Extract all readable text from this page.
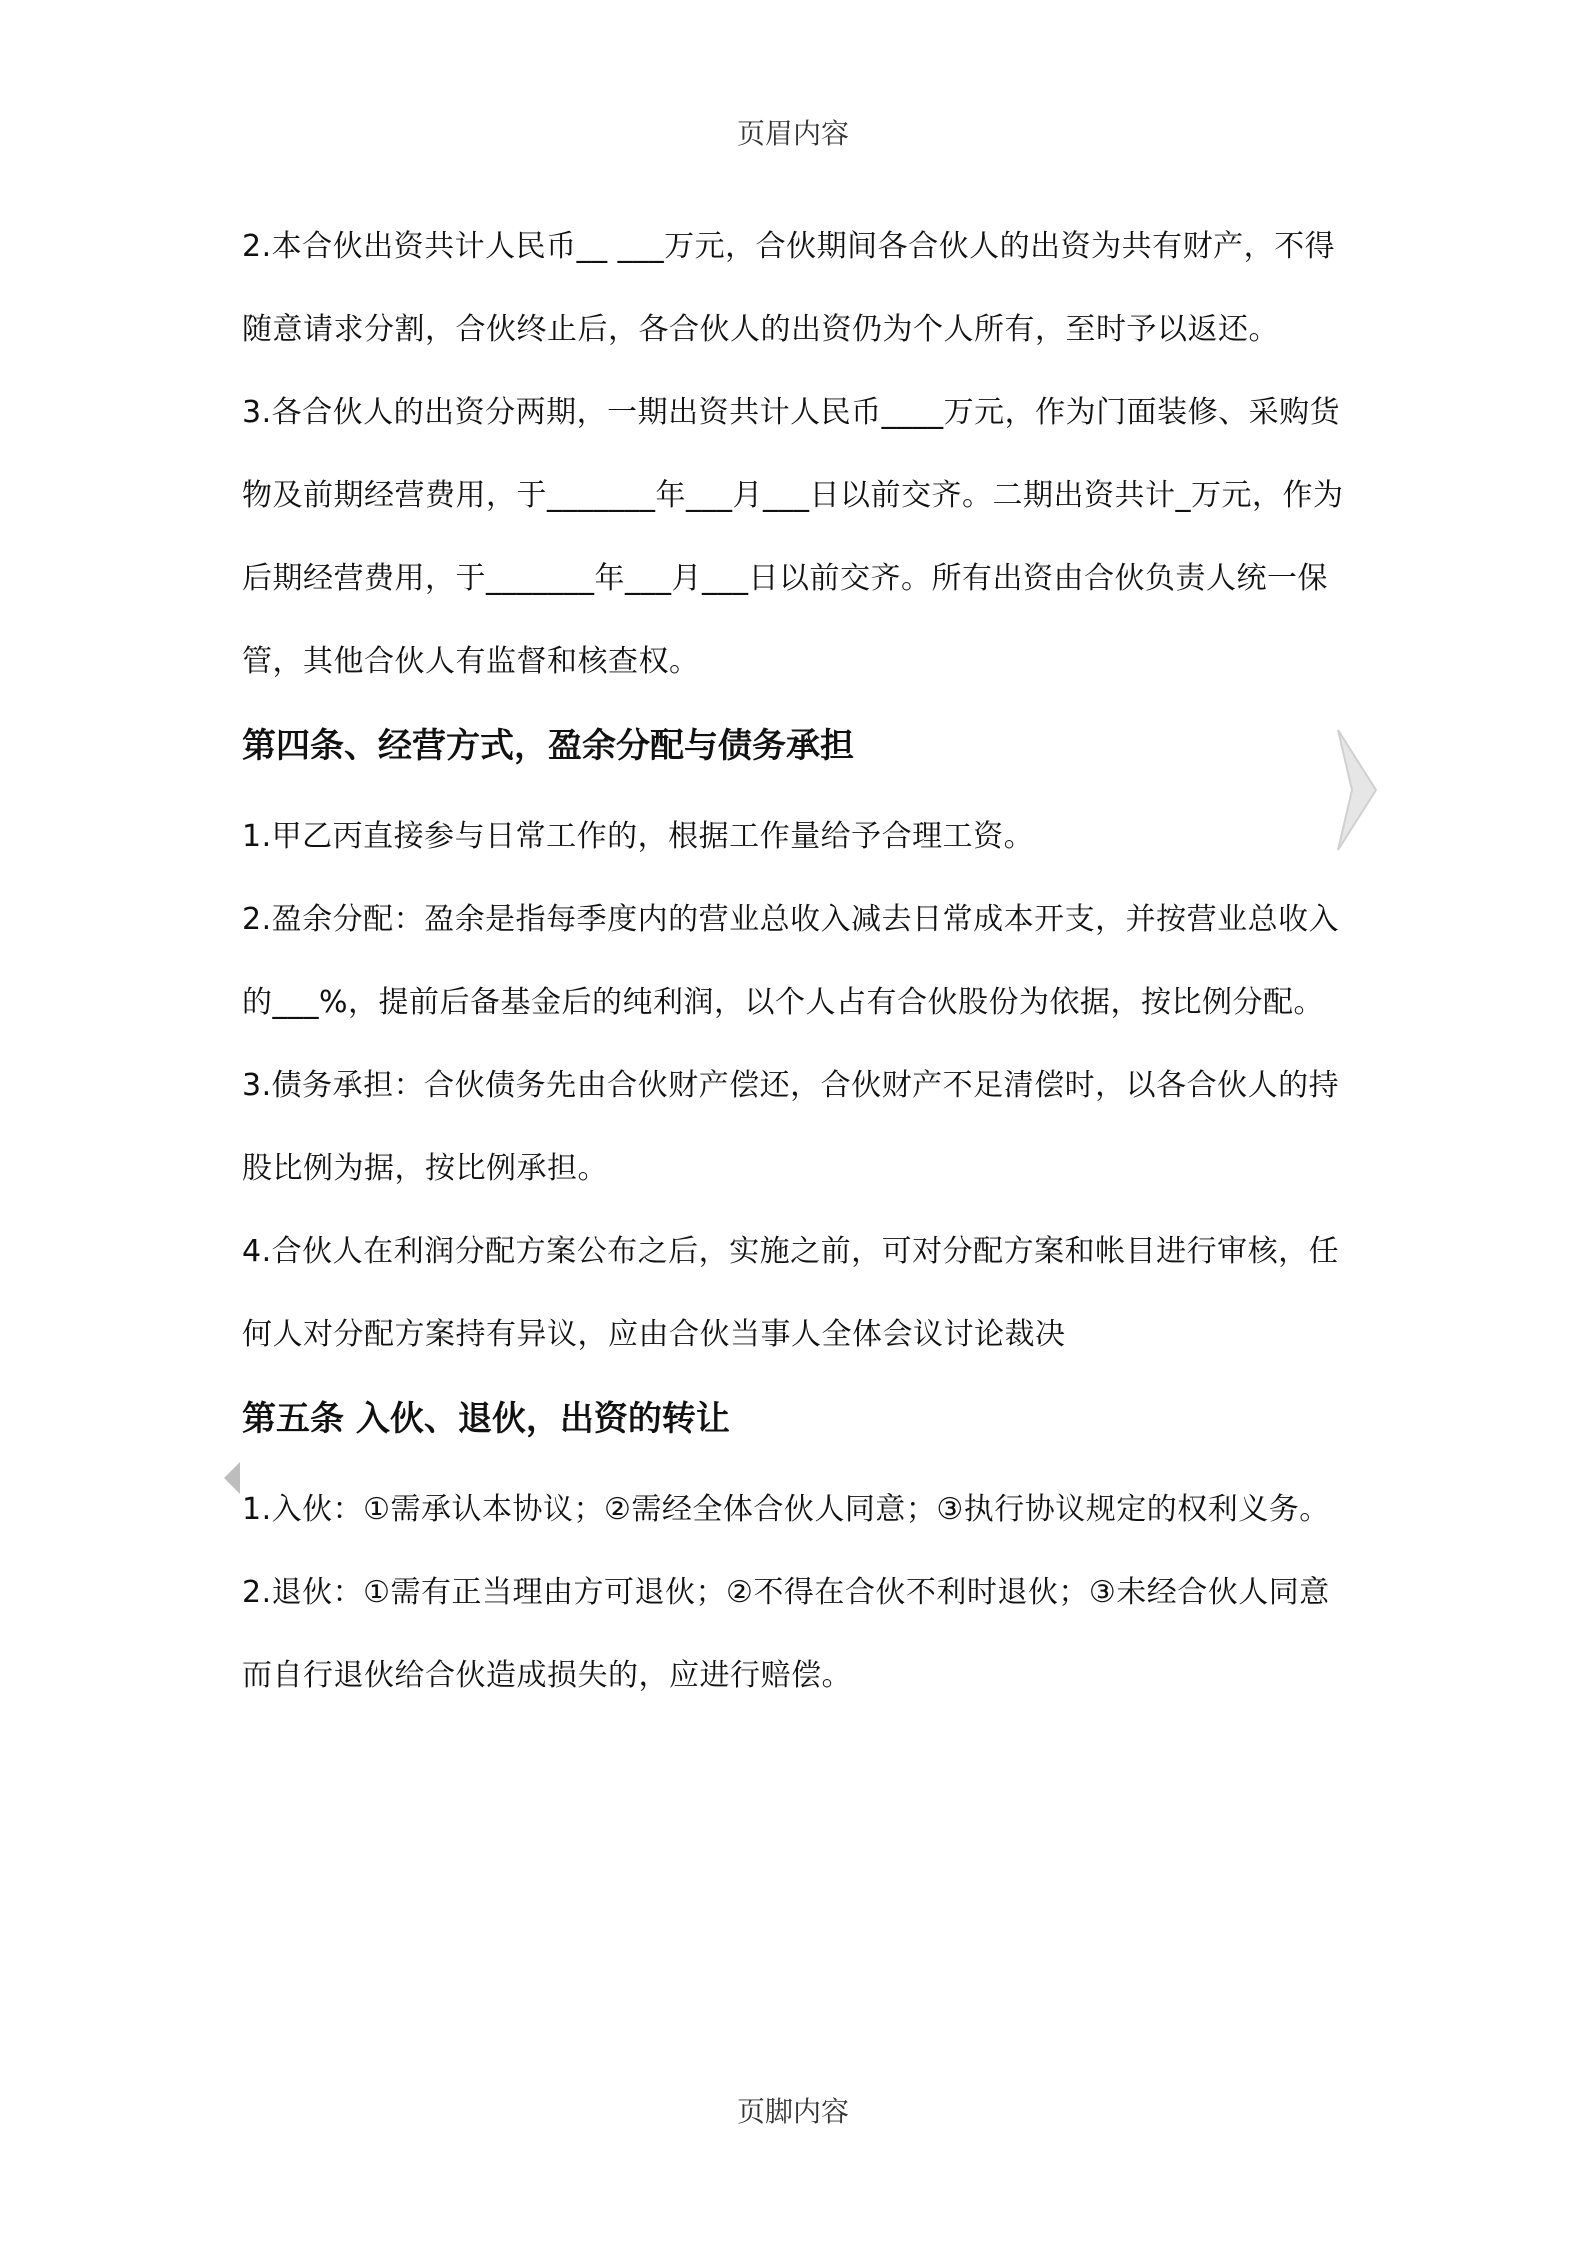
页眉内容

2.本合伙出资共计人民币__ ___万元，合伙期间各合伙人的出资为共有财产，不得随意请求分割，合伙终止后，各合伙人的出资仍为个人所有，至时予以返还。

3.各合伙人的出资分两期，一期出资共计人民币____万元，作为门面装修、采购货物及前期经营费用，于_______年___月___日以前交齐。二期出资共计_万元，作为后期经营费用，于_______年___月___日以前交齐。所有出资由合伙负责人统一保管，其他合伙人有监督和核查权。

第四条、经营方式，盈余分配与债务承担

1.甲乙丙直接参与日常工作的，根据工作量给予合理工资。

2.盈余分配：盈余是指每季度内的营业总收入减去日常成本开支，并按营业总收入的___%，提前后备基金后的纯利润，以个人占有合伙股份为依据，按比例分配。

3.债务承担：合伙债务先由合伙财产偿还，合伙财产不足清偿时，以各合伙人的持股比例为据，按比例承担。

4.合伙人在利润分配方案公布之后，实施之前，可对分配方案和帐目进行审核，任何人对分配方案持有异议，应由合伙当事人全体会议讨论裁决

第五条 入伙、退伙，出资的转让

1.入伙：①需承认本协议；②需经全体合伙人同意；③执行协议规定的权利义务。

2.退伙：①需有正当理由方可退伙；②不得在合伙不利时退伙；③未经合伙人同意而自行退伙给合伙造成损失的，应进行赔偿。

页脚内容
